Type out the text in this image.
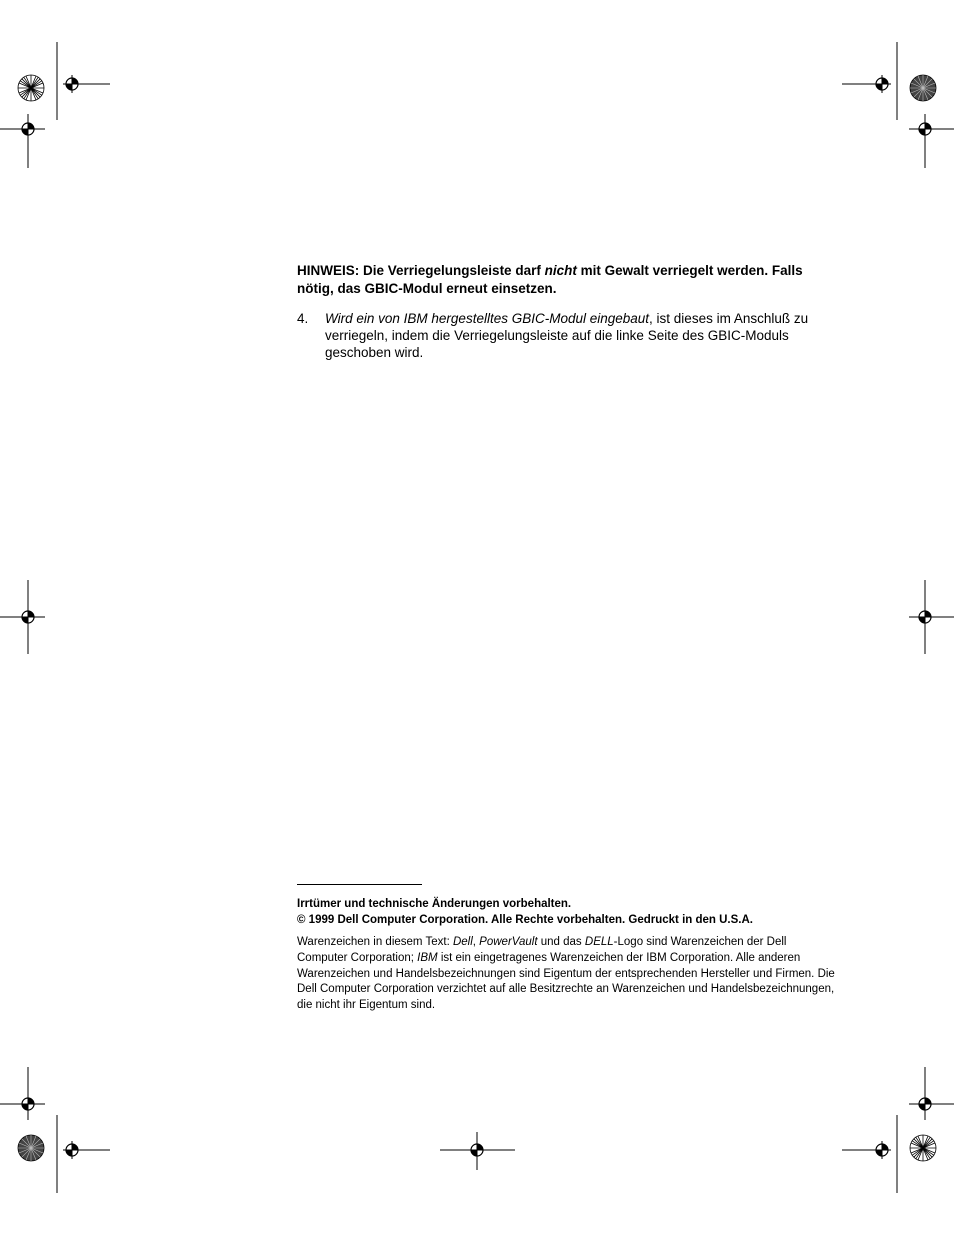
HINWEIS: Die Verriegelungsleiste darf nicht mit Gewalt verriegelt werden. Falls nötig, das GBIC-Modul erneut einsetzen.
4. Wird ein von IBM hergestelltes GBIC-Modul eingebaut, ist dieses im Anschluß zu verriegeln, indem die Verriegelungsleiste auf die linke Seite des GBIC-Moduls geschoben wird.
Irrtümer und technische Änderungen vorbehalten.
© 1999 Dell Computer Corporation. Alle Rechte vorbehalten. Gedruckt in den U.S.A.
Warenzeichen in diesem Text: Dell, PowerVault und das DELL-Logo sind Warenzeichen der Dell Computer Corporation; IBM ist ein eingetragenes Warenzeichen der IBM Corporation. Alle anderen Warenzeichen und Handelsbezeichnungen sind Eigentum der entsprechenden Hersteller und Firmen. Die Dell Computer Corporation verzichtet auf alle Besitzrechte an Warenzeichen und Handelsbezeichnungen, die nicht ihr Eigentum sind.
